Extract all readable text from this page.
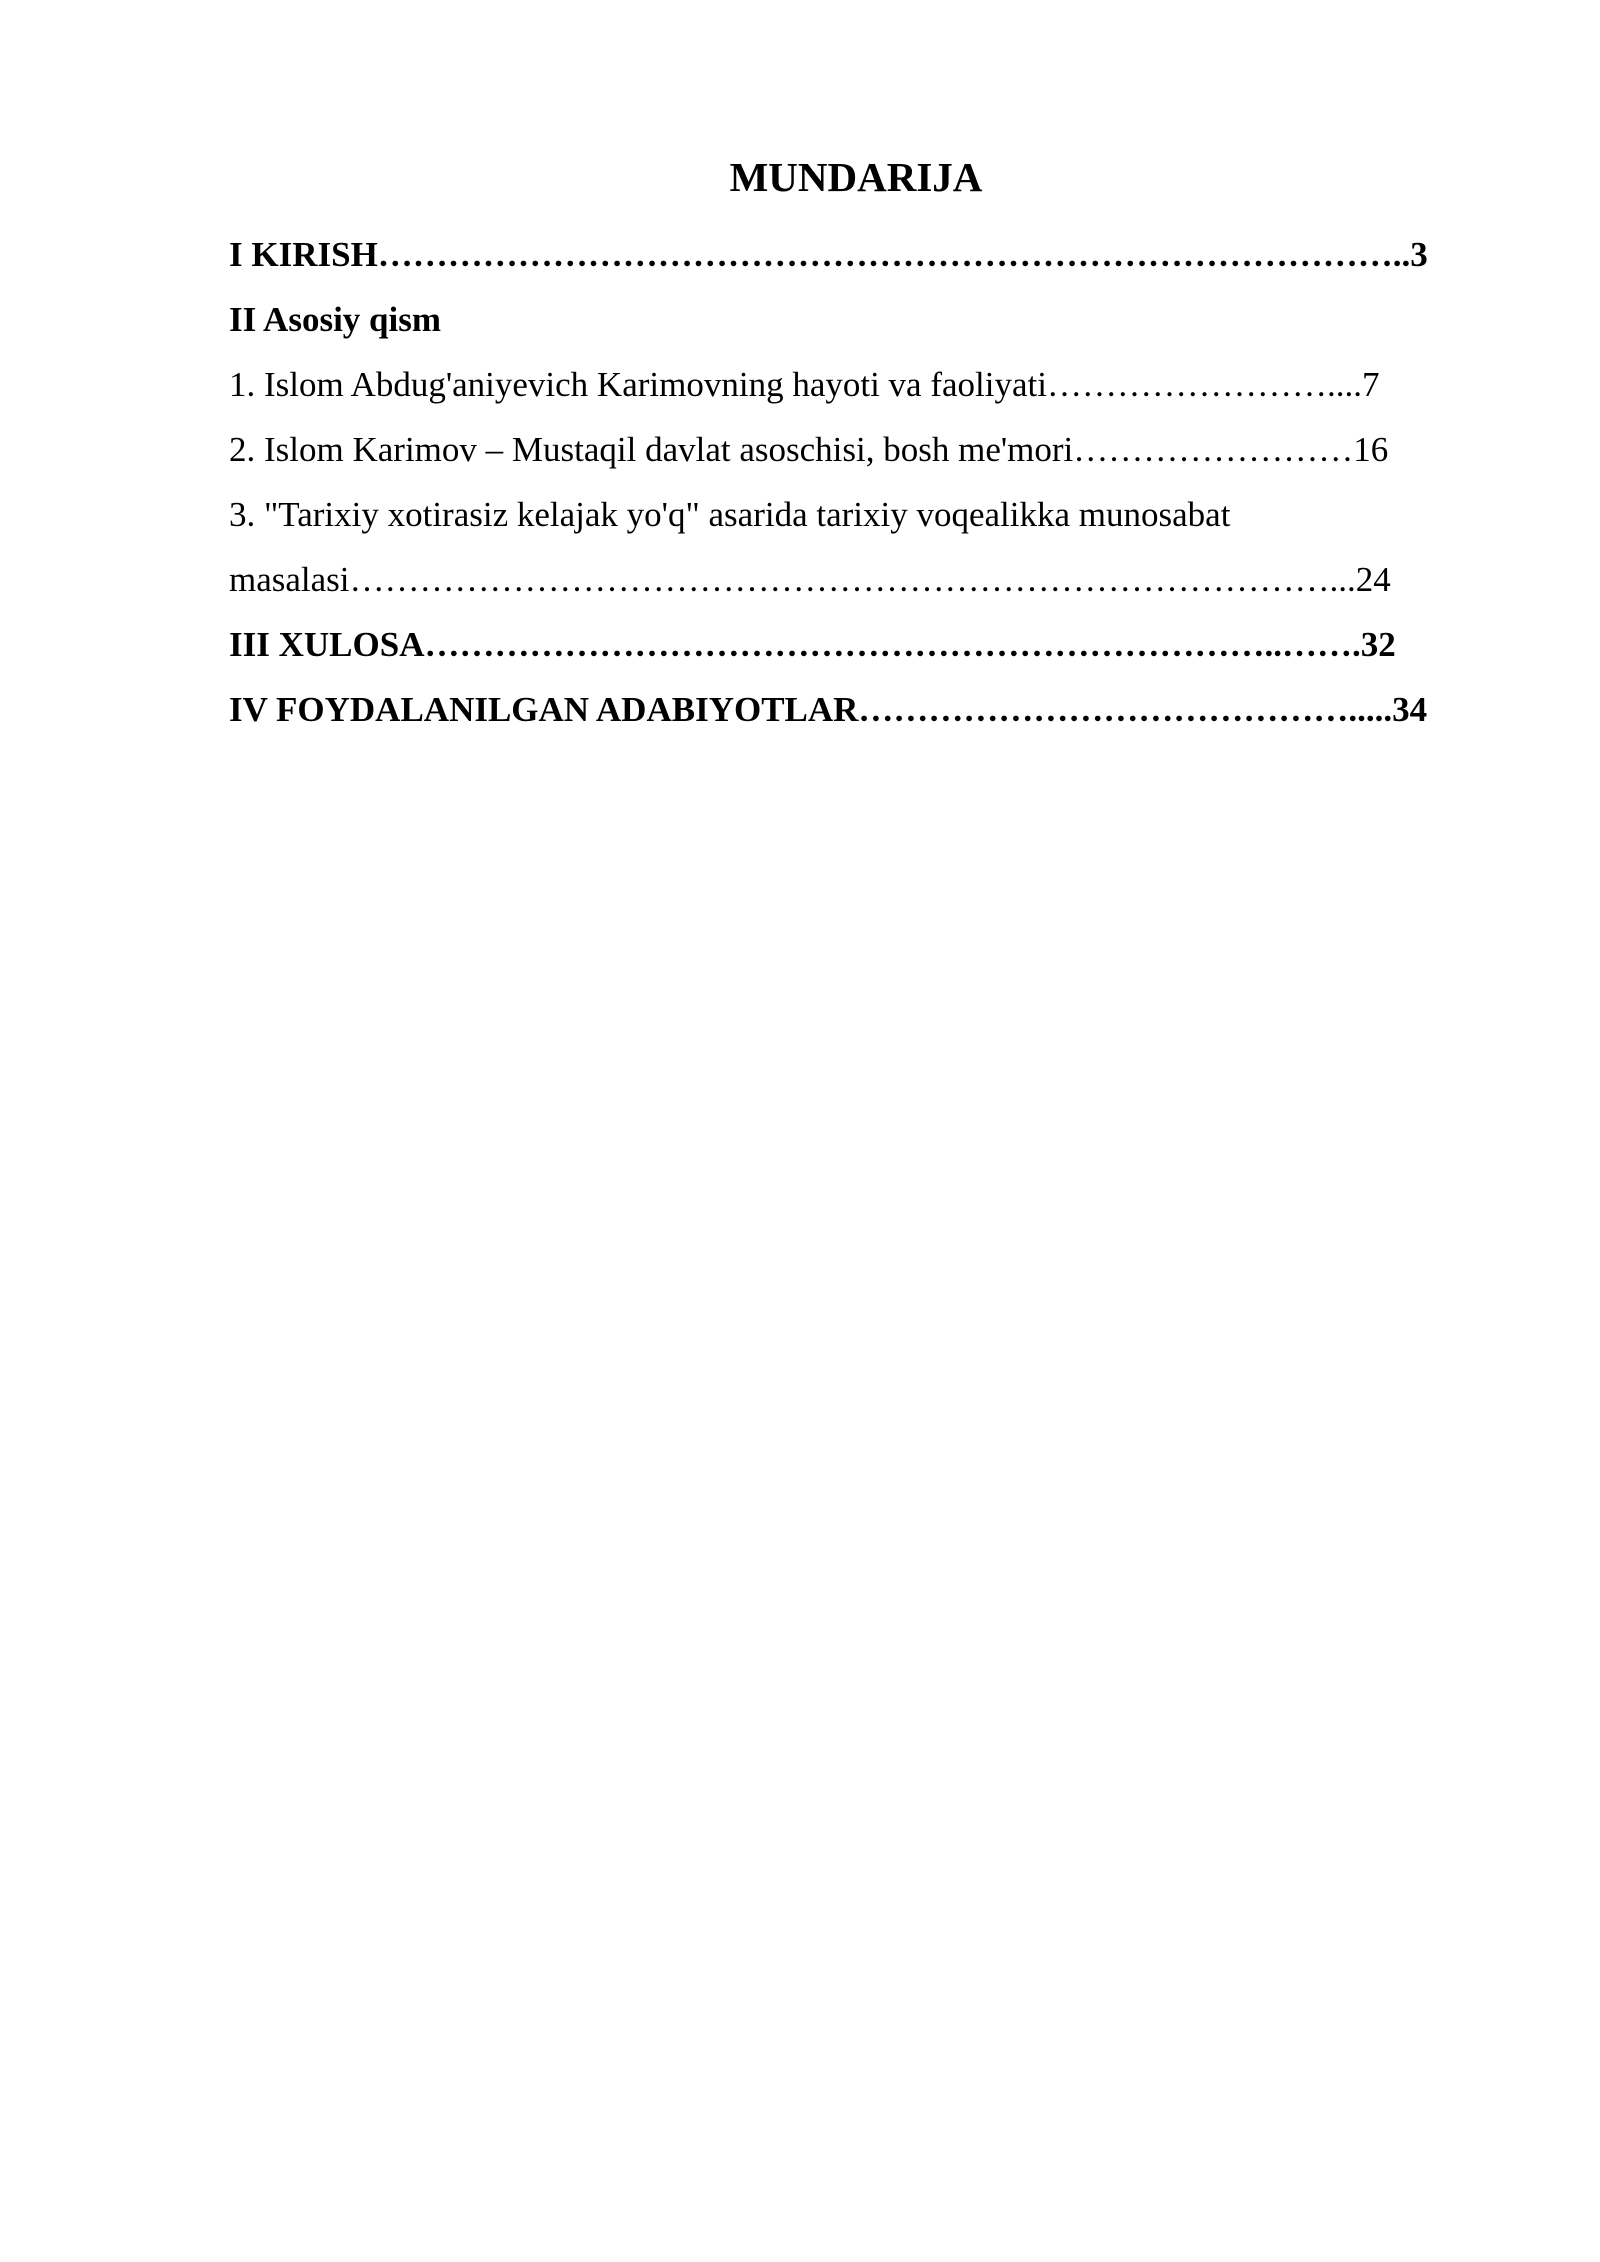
MUNDARIJA
I KIRISH……………………………………………………………………………..3
II Asosiy qism
1. Islom Abdug'aniyevich Karimovning hayoti va faoliyati……………………....7
2. Islom Karimov – Mustaqil davlat asoschisi, bosh me'mori……………………16
3. "Tarixiy xotirasiz kelajak yo'q" asarida tarixiy voqealikka munosabat
masalasi…………………………………………………………………………...24
III XULOSA………………………………………………………………..…….32
IV FOYDALANILGAN ADABIYOTLAR…………………………………….....34
